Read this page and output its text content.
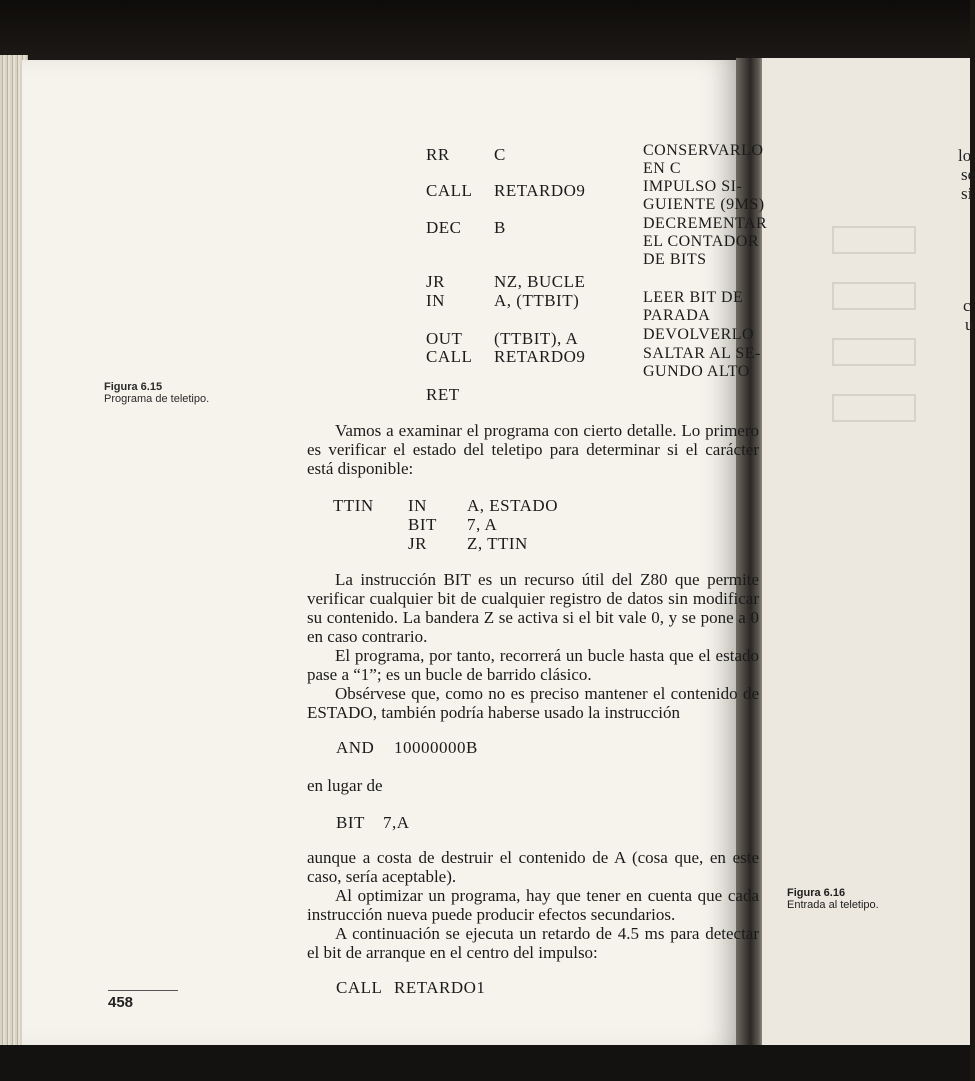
lo
se
si
c
u
RR	C	CONSERVARLO
EN C
CALL RETARDO9	IMPULSO SI-
GUIENTE (9MS)
DEC B	DECREMENTAR
EL CONTADOR
DE BITS
JR	NZ, BUCLE
IN	A, (TTBIT)	LEER BIT DE
PARADA
OUT (TTBIT), A	DEVOLVERLO
CALL RETARDO9	SALTAR AL SE-
GUNDO ALTO
RET
Figura 6.15
Programa de teletipo.

Vamos a examinar el programa con cierto detalle. Lo primero es verificar el estado del teletipo para determinar si el carácter está disponible:

TTIN IN A, ESTADO
BIT 7, A
JR Z, TTIN

La instrucción BIT es un recurso útil del Z80 que permite verificar cualquier bit de cualquier registro de datos sin modificar su contenido. La bandera Z se activa si el bit vale 0, y se pone a 0 en caso contrario.

El programa, por tanto, recorrerá un bucle hasta que el estado pase a “1”; es un bucle de barrido clásico.

Obsérvese que, como no es preciso mantener el contenido de ESTADO, también podría haberse usado la instrucción

AND 10000000B
en lugar de
BIT 7,A

aunque a costa de destruir el contenido de A (cosa que, en este caso, sería aceptable).

Al optimizar un programa, hay que tener en cuenta que cada instrucción nueva puede producir efectos secundarios.

A continuación se ejecuta un retardo de 4.5 ms para detectar el bit de arranque en el centro del impulso:

CALL RETARDO1
Figura 6.16
Entrada al teletipo.
458
